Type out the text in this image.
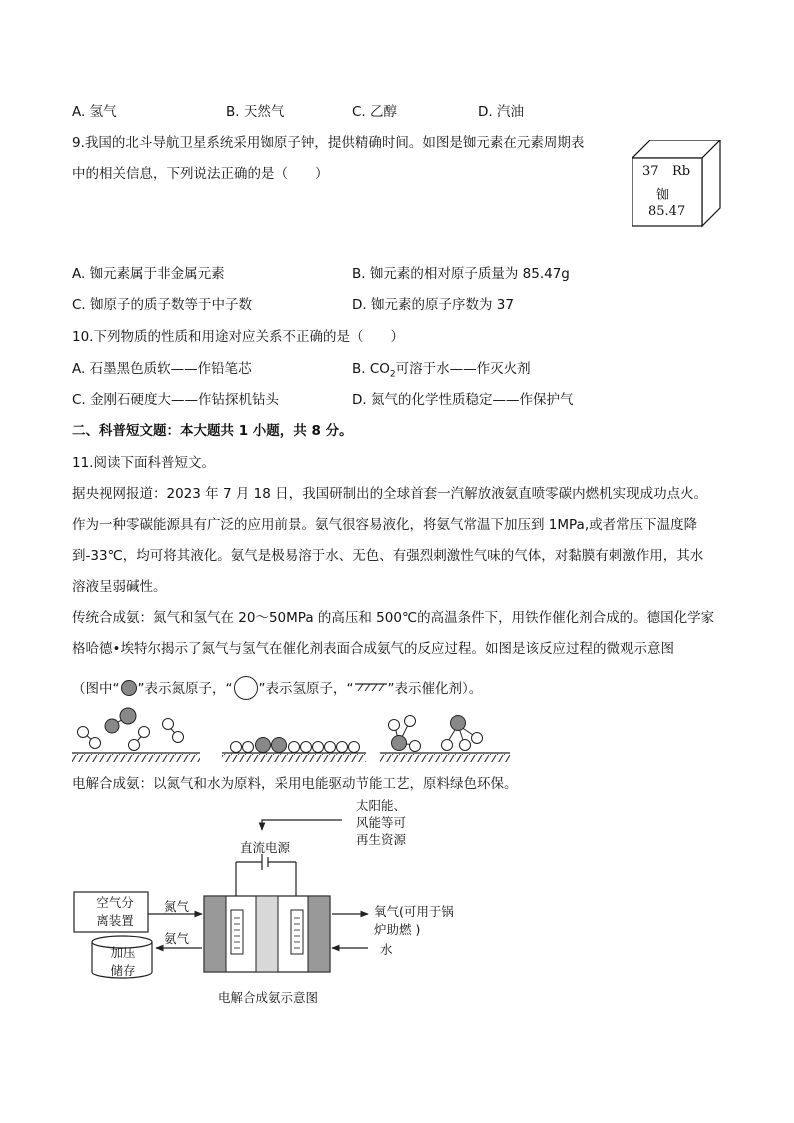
A. 氢气	B. 天然气	C. 乙醇	D. 汽油
9.我国的北斗导航卫星系统采用铷原子钟，提供精确时间。如图是铷元素在元素周期表
中的相关信息，下列说法正确的是（　　）	37 Rb
铷
85.47
A. 铷元素属于非金属元素	B. 铷元素的相对原子质量为 85.47g
C. 铷原子的质子数等于中子数	D. 铷元素的原子序数为 37
10.下列物质的性质和用途对应关系不正确的是（　　）
A. 石墨黑色质软——作铅笔芯	B. $CO_2$可溶于水——作灭火剂
C. 金刚石硬度大——作钻探机钻头	D. 氮气的化学性质稳定——作保护气
二、科普短文题：本大题共 1 小题，共 8 分。
11.阅读下面科普短文。
据央视网报道：2023 年 7 月 18 日，我国研制出的全球首套一汽解放液氨直喷零碳内燃机实现成功点火。
作为一种零碳能源具有广泛的应用前景。氨气很容易液化，将氨气常温下加压到 1MPa,或者常压下温度降
到-33℃，均可将其液化。氨气是极易溶于水、无色、有强烈刺激性气味的气体，对黏膜有刺激作用，其水
溶液呈弱碱性。
传统合成氨：氮气和氢气在 20～50MPa 的高压和 500℃的高温条件下，用铁作催化剂合成的。德国化学家
格哈德•埃特尔揭示了氮气与氢气在催化剂表面合成氨气的反应过程。如图是该反应过程的微观示意图
（图中“ ”表示氮原子，“ ”表示氢原子，“	”表示催化剂）。
电解合成氨：以氮气和水为原料，采用电能驱动节能工艺，原料绿色环保。
太阳能、
风能等可
再生资源
直流电源
空气分
离装置
氮气
氨气
加压
储存
氧气(可用于锅
炉助燃 )
水
电解合成氨示意图
